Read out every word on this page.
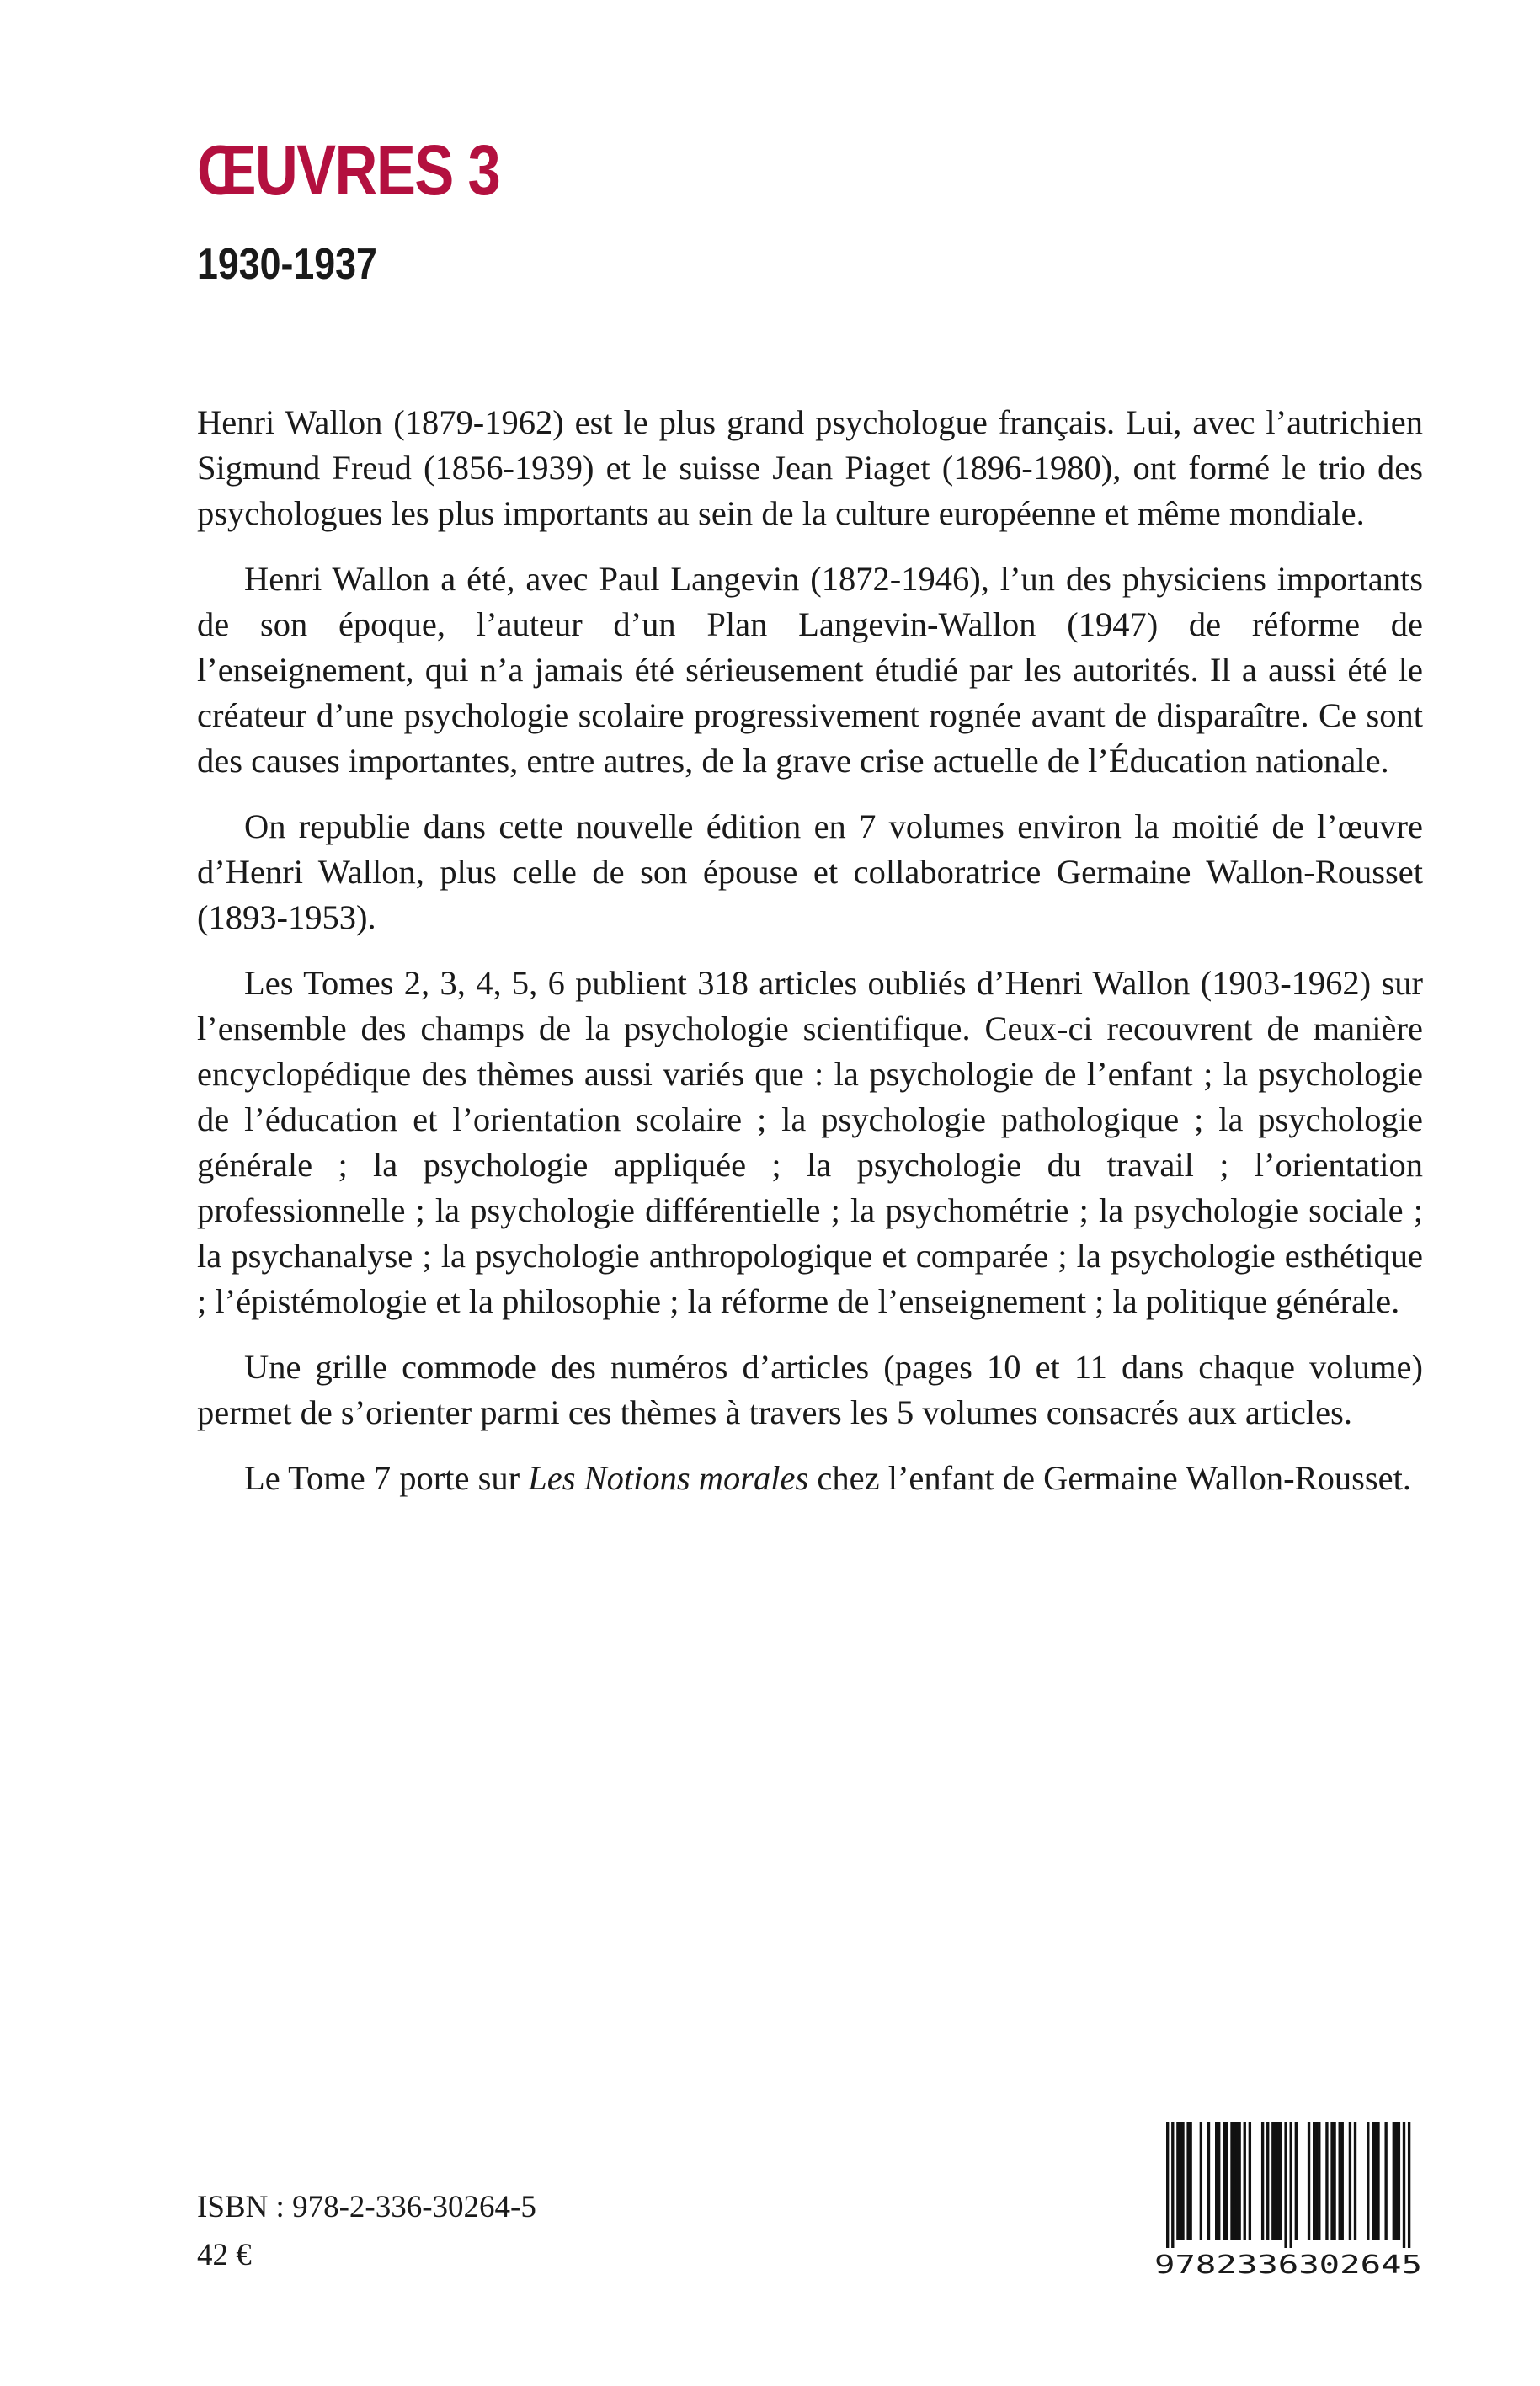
ŒUVRES 3
1930-1937

Henri Wallon (1879-1962) est le plus grand psychologue français. Lui, avec l’autrichien Sigmund Freud (1856-1939) et le suisse Jean Piaget (1896-1980), ont formé le trio des psychologues les plus importants au sein de la culture européenne et même mondiale.

Henri Wallon a été, avec Paul Langevin (1872-1946), l’un des physiciens importants de son époque, l’auteur d’un Plan Langevin-Wallon (1947) de réforme de l’enseignement, qui n’a jamais été sérieusement étudié par les autorités. Il a aussi été le créateur d’une psychologie scolaire progressivement rognée avant de disparaître. Ce sont des causes importantes, entre autres, de la grave crise actuelle de l’Éducation nationale.

On republie dans cette nouvelle édition en 7 volumes environ la moitié de l’œuvre d’Henri Wallon, plus celle de son épouse et collaboratrice Germaine Wallon-Rousset (1893-1953).

Les Tomes 2, 3, 4, 5, 6 publient 318 articles oubliés d’Henri Wallon (1903-1962) sur l’ensemble des champs de la psychologie scientifique. Ceux-ci recouvrent de manière encyclopédique des thèmes aussi variés que : la psychologie de l’enfant ; la psychologie de l’éducation et l’orientation scolaire ; la psychologie pathologique ; la psychologie générale ; la psychologie appliquée ; la psychologie du travail ; l’orientation professionnelle ; la psychologie différentielle ; la psychométrie ; la psychologie sociale ; la psychanalyse ; la psychologie anthropologique et comparée ; la psychologie esthétique ; l’épistémologie et la philosophie ; la réforme de l’enseignement ; la politique générale.

Une grille commode des numéros d’articles (pages 10 et 11 dans chaque volume) permet de s’orienter parmi ces thèmes à travers les 5 volumes consacrés aux articles.

Le Tome 7 porte sur Les Notions morales chez l’enfant de Germaine Wallon-Rousset.

ISBN : 978-2-336-30264-5

42 €	9782336302645
